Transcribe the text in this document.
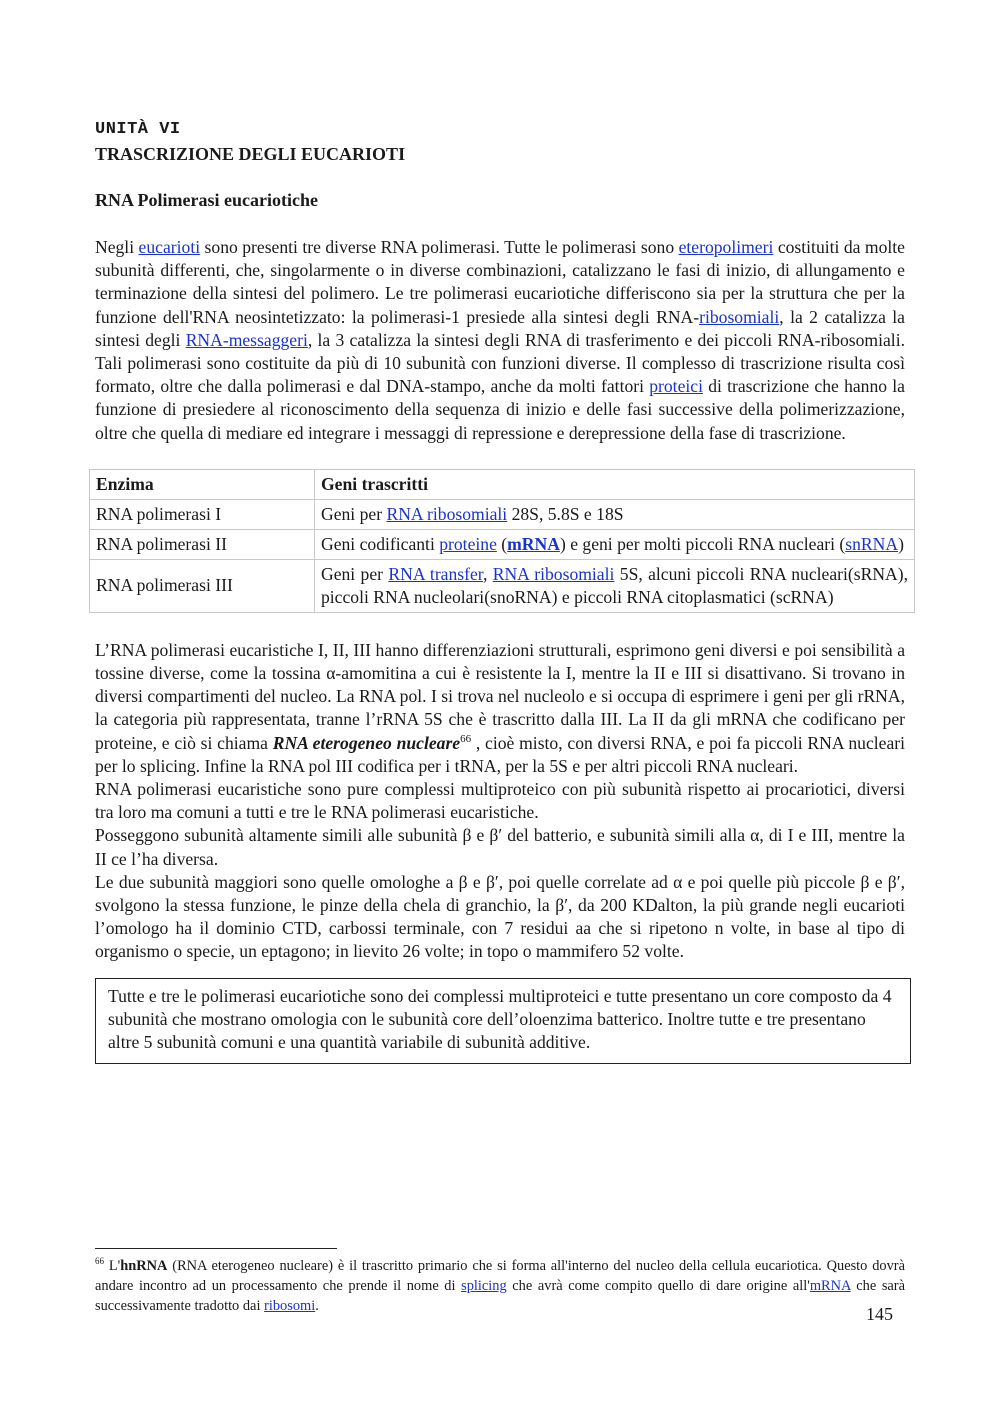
UNITÀ VI
TRASCRIZIONE DEGLI EUCARIOTI
RNA Polimerasi eucariotiche

Negli eucarioti sono presenti tre diverse RNA polimerasi. Tutte le polimerasi sono eteropolimeri costituiti da molte subunità differenti, che, singolarmente o in diverse combinazioni, catalizzano le fasi di inizio, di allungamento e terminazione della sintesi del polimero. Le tre polimerasi eucariotiche differiscono sia per la struttura che per la funzione dell'RNA neosintetizzato: la polimerasi-1 presiede alla sintesi degli RNA-ribosomiali, la 2 catalizza la sintesi degli RNA-messaggeri, la 3 catalizza la sintesi degli RNA di trasferimento e dei piccoli RNA-ribosomiali. Tali polimerasi sono costituite da più di 10 subunità con funzioni diverse. Il complesso di trascrizione risulta così formato, oltre che dalla polimerasi e dal DNA-stampo, anche da molti fattori proteici di trascrizione che hanno la funzione di presiedere al riconoscimento della sequenza di inizio e delle fasi successive della polimerizzazione, oltre che quella di mediare ed integrare i messaggi di repressione e derepressione della fase di trascrizione.

Enzima	Geni trascritti
RNA polimerasi I	Geni per RNA ribosomiali 28S, 5.8S e 18S
RNA polimerasi II	Geni codificanti proteine (mRNA) e geni per molti piccoli RNA nucleari (snRNA)
RNA polimerasi III	Geni per RNA transfer, RNA ribosomiali 5S, alcuni piccoli RNA nucleari(sRNA), piccoli RNA nucleolari(snoRNA) e piccoli RNA citoplasmatici (scRNA)

L’RNA polimerasi eucaristiche I, II, III hanno differenziazioni strutturali, esprimono geni diversi e poi sensibilità a tossine diverse, come la tossina α-amomitina a cui è resistente la I, mentre la II e III si disattivano. Si trovano in diversi compartimenti del nucleo. La RNA pol. I si trova nel nucleolo e si occupa di esprimere i geni per gli rRNA, la categoria più rappresentata, tranne l’rRNA 5S che è trascritto dalla III. La II da gli mRNA che codificano per proteine, e ciò si chiama RNA eterogeneo nucleare$^{66}$ , cioè misto, con diversi RNA, e poi fa piccoli RNA nucleari per lo splicing. Infine la RNA pol III codifica per i tRNA, per la 5S e per altri piccoli RNA nucleari.

RNA polimerasi eucaristiche sono pure complessi multiproteico con più subunità rispetto ai procariotici, diversi tra loro ma comuni a tutti e tre le RNA polimerasi eucaristiche.

Posseggono subunità altamente simili alle subunità β e β′ del batterio, e subunità simili alla α, di I e III, mentre la II ce l’ha diversa.

Le due subunità maggiori sono quelle omologhe a β e β′, poi quelle correlate ad α e poi quelle più piccole β e β′, svolgono la stessa funzione, le pinze della chela di granchio, la β′, da 200 KDalton, la più grande negli eucarioti l’omologo ha il dominio CTD, carbossi terminale, con 7 residui aa che si ripetono n volte, in base al tipo di organismo o specie, un eptagono; in lievito 26 volte; in topo o mammifero 52 volte.

Tutte e tre le polimerasi eucariotiche sono dei complessi multiproteici e tutte presentano un core composto da 4 subunità che mostrano omologia con le subunità core dell’oloenzima batterico. Inoltre tutte e tre presentano altre 5 subunità comuni e una quantità variabile di subunità additive.

$^{66}$ L'hnRNA (RNA eterogeneo nucleare) è il trascritto primario che si forma all'interno del nucleo della cellula eucariotica. Questo dovrà andare incontro ad un processamento che prende il nome di splicing che avrà come compito quello di dare origine all'mRNA che sarà successivamente tradotto dai ribosomi.	145
